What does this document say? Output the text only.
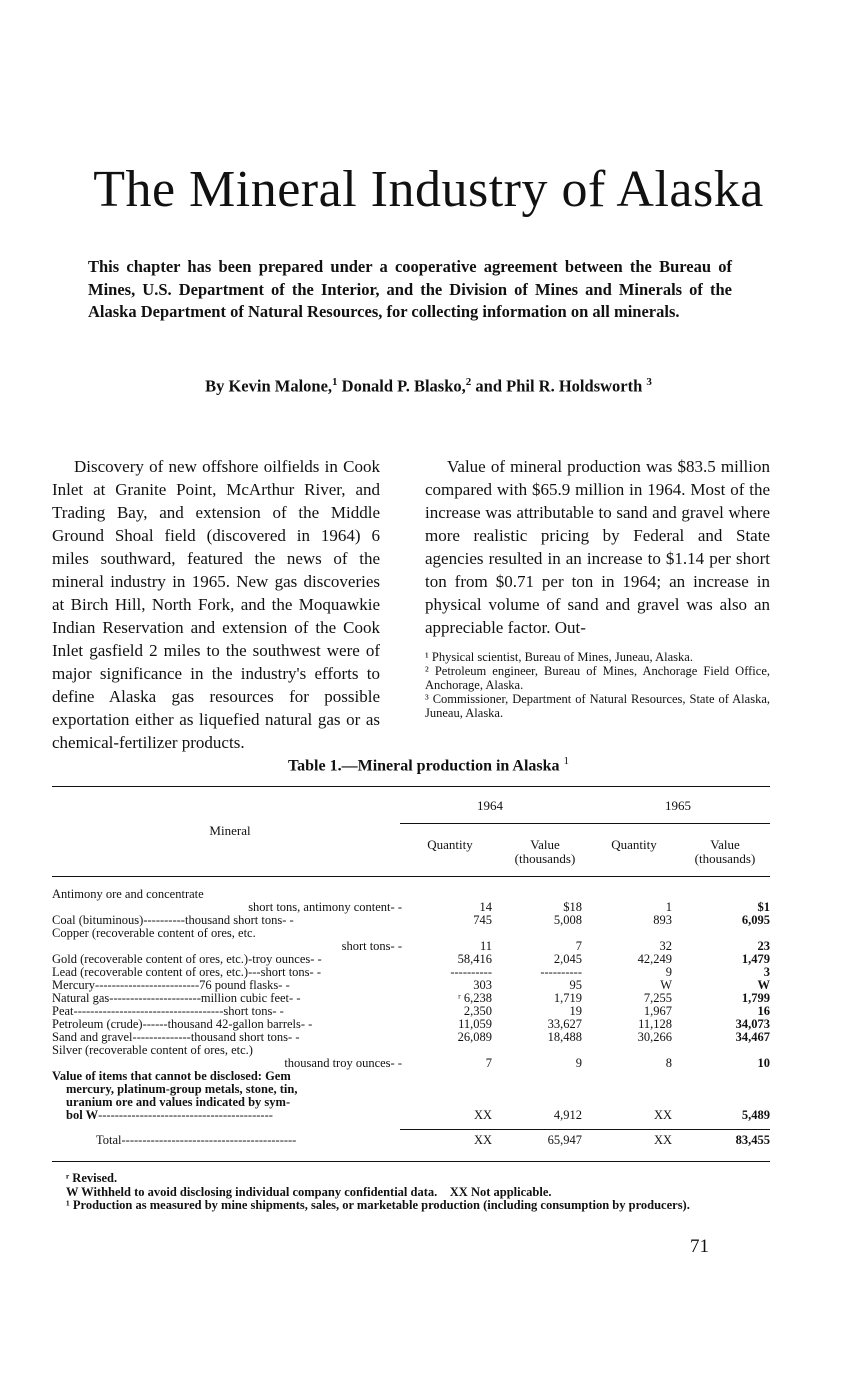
The Mineral Industry of Alaska

This chapter has been prepared under a cooperative agreement between the Bureau of Mines, U.S. Department of the Interior, and the Division of Mines and Minerals of the Alaska Department of Natural Resources, for collecting information on all minerals.

By Kevin Malone,$^1$ Donald P. Blasko,$^2$ and Phil R. Holdsworth $^3$

Discovery of new offshore oilfields in Cook Inlet at Granite Point, McArthur River, and Trading Bay, and extension of the Middle Ground Shoal field (discovered in 1964) 6 miles southward, featured the news of the mineral industry in 1965. New gas discoveries at Birch Hill, North Fork, and the Moquawkie Indian Reservation and extension of the Cook Inlet gasfield 2 miles to the southwest were of major significance in the industry's efforts to define Alaska gas resources for possible exportation either as liquefied natural gas or as chemical-fertilizer products.

Value of mineral production was $83.5 million compared with $65.9 million in 1964. Most of the increase was attributable to sand and gravel where more realistic pricing by Federal and State agencies resulted in an increase to $1.14 per short ton from $0.71 per ton in 1964; an increase in physical volume of sand and gravel was also an appreciable factor. Out-

¹ Physical scientist, Bureau of Mines, Juneau, Alaska.

² Petroleum engineer, Bureau of Mines, Anchorage Field Office, Anchorage, Alaska.

³ Commissioner, Department of Natural Resources, State of Alaska, Juneau, Alaska.

Table 1.—Mineral production in Alaska $^1$

Mineral
1964	1965
Quantity	Value
(thousands)
Quantity	Value
(thousands)
Antimony ore and concentrate
short tons, antimony content- -	14	$18	1	$1
Coal (bituminous)----------thousand short tons- -	745	5,008	893	6,095
Copper (recoverable content of ores, etc.
short tons- -	11	7	32	23
Gold (recoverable content of ores, etc.)-troy ounces- -	58,416	2,045	42,249	1,479
Lead (recoverable content of ores, etc.)---short tons- -	----------	----------	9	3
Mercury-------------------------76 pound flasks- -	303	95	W	W
Natural gas----------------------million cubic feet- -	ʳ 6,238	1,719	7,255	1,799
Peat------------------------------------short tons- -	2,350	19	1,967	16
Petroleum (crude)------thousand 42-gallon barrels- -	11,059	33,627	11,128	34,073
Sand and gravel--------------thousand short tons- -	26,089	18,488	30,266	34,467
Silver (recoverable content of ores, etc.)
thousand troy ounces- -	7	9	8	10
Value of items that cannot be disclosed: Gem
mercury, platinum-group metals, stone, tin,
uranium ore and values indicated by sym-
bol W------------------------------------------	XX	4,912	XX	5,489
Total------------------------------------------	XX	65,947	XX	83,455

ʳ Revised.

W Withheld to avoid disclosing individual company confidential data.    XX Not applicable.

¹ Production as measured by mine shipments, sales, or marketable production (including consumption by producers).

71
